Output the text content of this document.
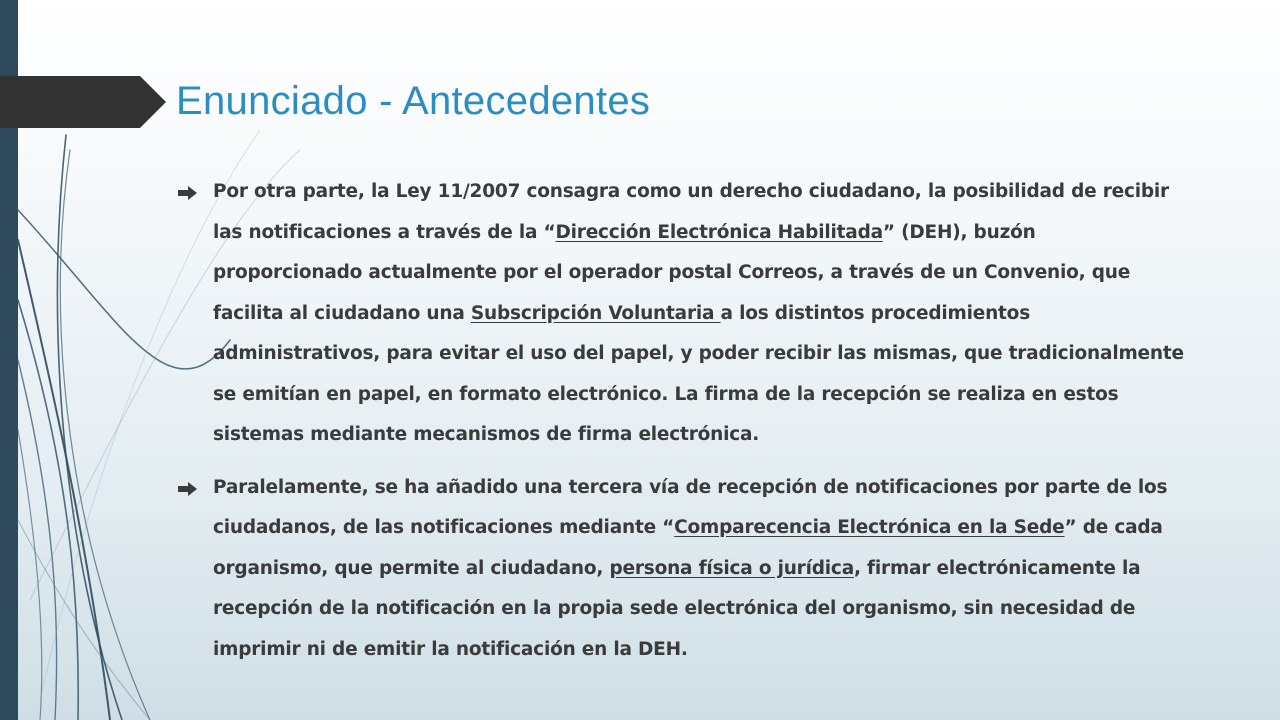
Enunciado - Antecedentes
Por otra parte, la Ley 11/2007 consagra como un derecho ciudadano, la posibilidad de recibir las notificaciones a través de la “Dirección Electrónica Habilitada” (DEH), buzón proporcionado actualmente por el operador postal Correos, a través de un Convenio, que facilita al ciudadano una Subscripción Voluntaria a los distintos procedimientos administrativos, para evitar el uso del papel, y poder recibir las mismas, que tradicionalmente se emitían en papel, en formato electrónico. La firma de la recepción se realiza en estos sistemas mediante mecanismos de firma electrónica.
Paralelamente, se ha añadido una tercera vía de recepción de notificaciones por parte de los ciudadanos, de las notificaciones mediante “Comparecencia Electrónica en la Sede” de cada organismo, que permite al ciudadano, persona física o jurídica, firmar electrónicamente la recepción de la notificación en la propia sede electrónica del organismo, sin necesidad de imprimir ni de emitir la notificación en la DEH.
